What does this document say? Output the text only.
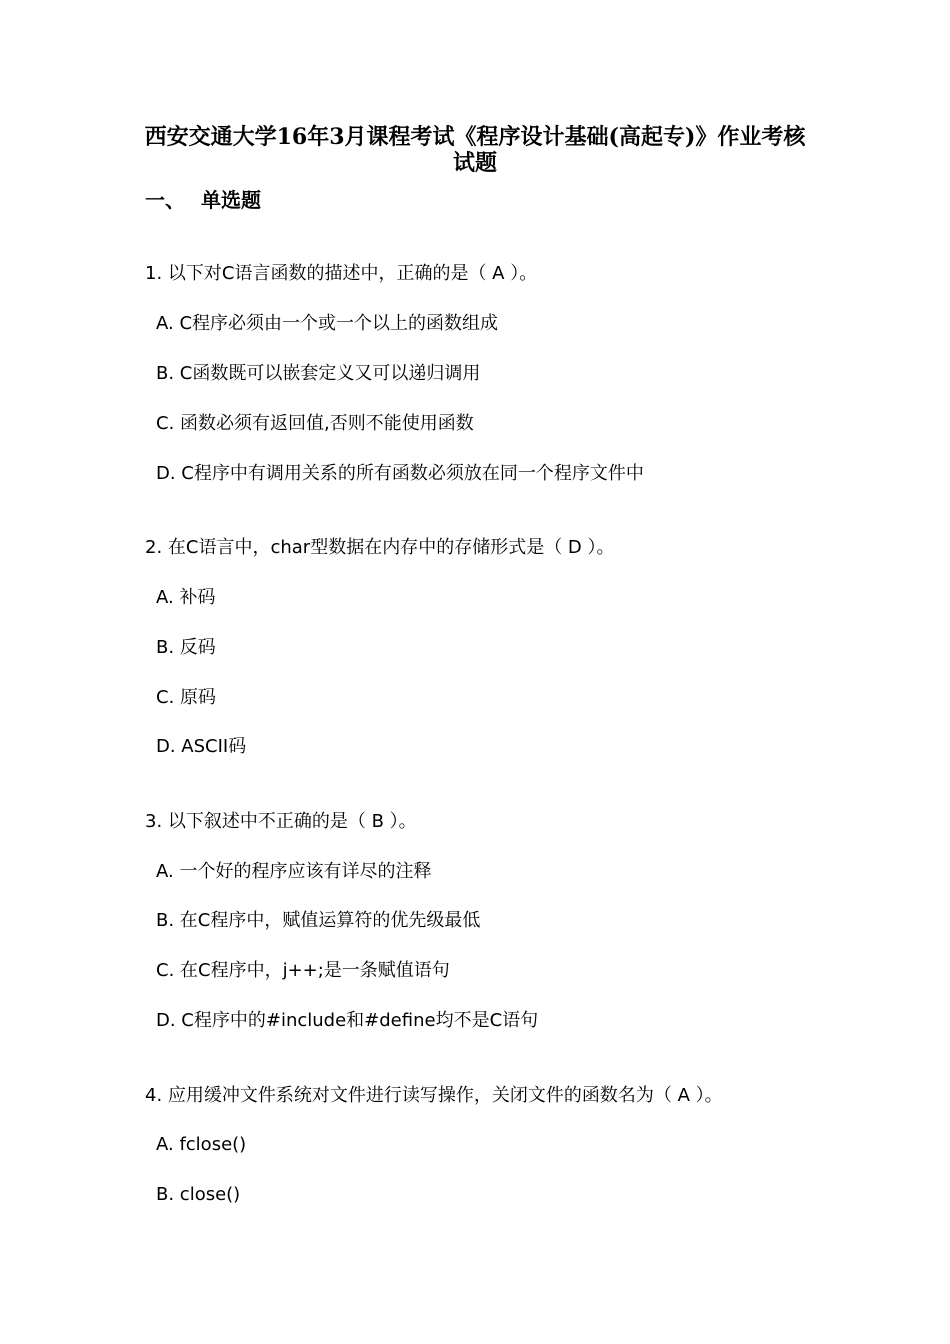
西安交通大学16年3月课程考试《程序设计基础(高起专)》作业考核试题
一、 单选题
1. 以下对C语言函数的描述中，正确的是（ A ）。
A. C程序必须由一个或一个以上的函数组成
B. C函数既可以嵌套定义又可以递归调用
C. 函数必须有返回值,否则不能使用函数
D. C程序中有调用关系的所有函数必须放在同一个程序文件中
2. 在C语言中，char型数据在内存中的存储形式是（ D ）。
A. 补码
B. 反码
C. 原码
D. ASCII码
3. 以下叙述中不正确的是（ B ）。
A. 一个好的程序应该有详尽的注释
B. 在C程序中，赋值运算符的优先级最低
C. 在C程序中，j++;是一条赋值语句
D. C程序中的#include和#define均不是C语句
4. 应用缓冲文件系统对文件进行读写操作，关闭文件的函数名为（ A ）。
A. fclose()
B. close()
